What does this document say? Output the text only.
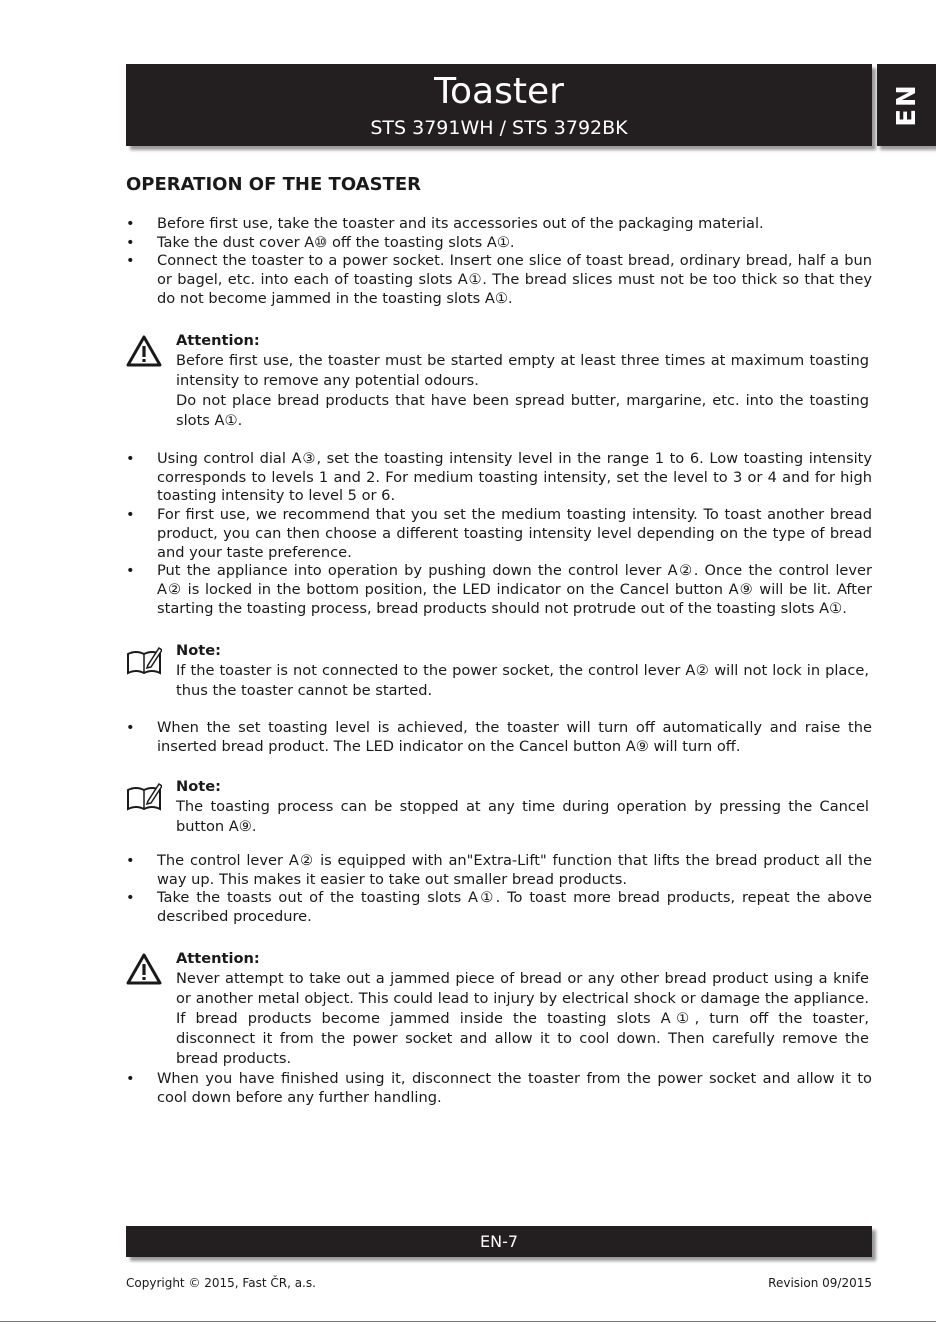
Toaster
STS 3791WH / STS 3792BK
EN
OPERATION OF THE TOASTER
• Before first use, take the toaster and its accessories out of the packaging material.
• Take the dust cover A⑩ off the toasting slots A①.
• Connect the toaster to a power socket. Insert one slice of toast bread, ordinary bread, half a bun or bagel, etc. into each of toasting slots A①. The bread slices must not be too thick so that they do not become jammed in the toasting slots A①.
Attention:
Before first use, the toaster must be started empty at least three times at maximum toasting intensity to remove any potential odours.
Do not place bread products that have been spread butter, margarine, etc. into the toasting slots A①.
• Using control dial A③, set the toasting intensity level in the range 1 to 6. Low toasting intensity corresponds to levels 1 and 2. For medium toasting intensity, set the level to 3 or 4 and for high toasting intensity to level 5 or 6.
• For first use, we recommend that you set the medium toasting intensity. To toast another bread product, you can then choose a different toasting intensity level depending on the type of bread and your taste preference.
• Put the appliance into operation by pushing down the control lever A②. Once the control lever A② is locked in the bottom position, the LED indicator on the Cancel button A⑨ will be lit. After starting the toasting process, bread products should not protrude out of the toasting slots A①.
Note:
If the toaster is not connected to the power socket, the control lever A② will not lock in place, thus the toaster cannot be started.
• When the set toasting level is achieved, the toaster will turn off automatically and raise the inserted bread product. The LED indicator on the Cancel button A⑨ will turn off.
Note:
The toasting process can be stopped at any time during operation by pressing the Cancel button A⑨.
• The control lever A② is equipped with an"Extra-Lift" function that lifts the bread product all the way up. This makes it easier to take out smaller bread products.
• Take the toasts out of the toasting slots A①. To toast more bread products, repeat the above described procedure.
Attention:
Never attempt to take out a jammed piece of bread or any other bread product using a knife or another metal object. This could lead to injury by electrical shock or damage the appliance. If bread products become jammed inside the toasting slots A①, turn off the toaster, disconnect it from the power socket and allow it to cool down. Then carefully remove the bread products.
• When you have finished using it, disconnect the toaster from the power socket and allow it to cool down before any further handling.
EN-7
Copyright © 2015, Fast ČR, a.s.	Revision 09/2015
